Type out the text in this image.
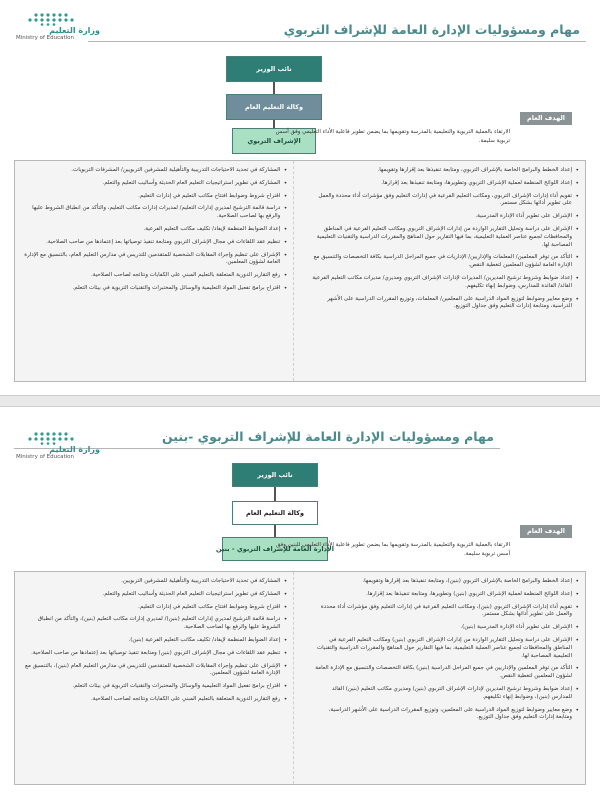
وزارة التعليم
Ministry of Education
مهام ومسؤوليات الإدارة العامة للإشراف التربوي
نائب الوزير
وكالة التعليم العام
الإشراف التربوي
الهدف العام
الارتقاء بالعملية التربوية والتعليمية بالمدرسة وتقويمها بما يضمن تطوير فاعلية الأداء التعليمي وفق أسس تربوية سليمة.
• إعداد الخطط والبرامج الخاصة بالإشراف التربوي، ومتابعة تنفيذها بعد إقرارها وتقويمها.
• إعداد اللوائح المنظمة لعملية الإشراف التربوي وتطويرها، ومتابعة تنفيذها بعد إقرارها.
• تقويم أداء إدارات الإشراف التربوي، ومكاتب التعليم الفرعية في إدارات التعليم وفق مؤشرات أداء محددة والعمل على تطوير أدائها بشكل مستمر.
• الإشراف على تطوير أداء الإدارة المدرسية.
• الإشراف على دراسة وتحليل التقارير الواردة من إدارات الإشراف التربوي ومكاتب التعليم الفرعية في المناطق والمحافظات لجميع عناصر العملية التعليمية، بما فيها التقارير حول المناهج والمقررات الدراسية والتقنيات التعليمية المصاحبة لها.
• التأكد من توفر المعلمين/ المعلمات والإداريين/ الإداريات في جميع المراحل الدراسية بكافة التخصصات والتنسيق مع الإدارة العامة لشؤون المعلمين لتغطية النقص.
• إعداد ضوابط وشروط ترشيح المديرين/ المديرات لإدارات الإشراف التربوي ومديري/ مديرات مكاتب التعليم الفرعية القائد/ القائدة للمدارس، وضوابط إنهاء تكليفهم.
• وضع معايير وضوابط لتوزيع المواد الدراسية على المعلمين/ المعلمات، وتوزيع المقررات الدراسية على الأشهر الدراسية، ومتابعة إدارات التعليم وفق جداول التوزيع.
• المشاركة في تحديد الاحتياجات التدريبية والتأهيلية للمشرفين التربويين/ المشرفات التربويات.
• المشاركة في تطوير استراتيجيات التعليم العام الحديثة وأساليب التعليم والتعلم.
• اقتراح شروط وضوابط افتتاح مكاتب التعليم في إدارات التعليم.
• دراسة قائمة الترشيح لمديري إدارات التعليم/ لمديرات إدارات مكاتب التعليم، والتأكد من انطباق الشروط عليها والرفع بها لصاحب الصلاحية.
• إعداد الضوابط المنظمة لإيفاد/ تكليف مكاتب التعليم الفرعية.
• تنظيم عقد اللقاءات في مجال الإشراف التربوي ومتابعة تنفيذ توصياتها بعد إعتمادها من صاحب الصلاحية.
• الإشراف على تنظيم وإجراء المقابلات الشخصية للمتقدمين للتدريس في مدارس التعليم العام، بالتنسيق مع الإدارة العامة لشؤون المعلمين.
• رفع التقارير الدورية المتعلقة بالتعليم المبني على الكفايات ونتائجه لصاحب الصلاحية.
• اقتراح برامج تفعيل المواد التعليمية والوسائل والمختبرات والتقنيات التربوية في بيئات التعلم.
مهام ومسؤوليات الإدارة العامة للإشراف التربوي -بنين
وزارة التعليم
Ministry of Education
نائب الوزير
وكالة التعليم العام
الإدارة العامة للإشراف التربوي - بنين
الهدف العام
الارتقاء بالعملية التربوية والتعليمية بالمدرسة وتقويمها بما يضمن تطوير فاعلية الأداء التعليمي للبنين وفق أسس تربوية سليمة.
• إعداد الخطط والبرامج الخاصة بالإشراف التربوي (بنين)، ومتابعة تنفيذها بعد إقرارها وتقويمها.
• إعداد اللوائح المنظمة لعملية الإشراف التربوي (بنين) وتطويرها، ومتابعة تنفيذها بعد إقرارها.
• تقويم أداء إدارات الإشراف التربوي (بنين)، ومكاتب التعليم الفرعية في إدارات التعليم وفق مؤشرات أداء محددة والعمل على تطوير أدائها بشكل مستمر.
• الإشراف على تطوير أداء الإدارة المدرسية (بنين).
• الإشراف على دراسة وتحليل التقارير الواردة من إدارات الإشراف التربوي (بنين) ومكاتب التعليم الفرعية في المناطق والمحافظات لجميع عناصر العملية التعليمية، بما فيها التقارير حول المناهج والمقررات الدراسية والتقنيات التعليمية المصاحبة لها.
• التأكد من توفر المعلمين والإداريين في جميع المراحل الدراسية (بنين) بكافة التخصصات والتنسيق مع الإدارة العامة لشؤون المعلمين لتغطية النقص.
• إعداد ضوابط وشروط ترشيح المديرين لإدارات الإشراف التربوي (بنين) ومديري مكاتب التعليم (بنين) القائد للمدارس (بنين)، وضوابط إنهاء تكليفهم.
• وضع معايير وضوابط لتوزيع المواد الدراسية على المعلمين، وتوزيع المقررات الدراسية على الأشهر الدراسية، ومتابعة إدارات التعليم وفق جداول التوزيع.
• المشاركة في تحديد الاحتياجات التدريبية والتأهيلية للمشرفين التربويين.
• المشاركة في تطوير استراتيجيات التعليم العام الحديثة وأساليب التعليم والتعلم.
• اقتراح شروط وضوابط افتتاح مكاتب التعليم في إدارات التعليم.
• دراسة قائمة الترشيح لمديري إدارات التعليم (بنين)/ لمديري إدارات مكاتب التعليم (بنين)، والتأكد من انطباق الشروط عليها والرفع بها لصاحب الصلاحية.
• إعداد الضوابط المنظمة لإيفاد/ تكليف مكاتب التعليم الفرعية (بنين).
• تنظيم عقد اللقاءات في مجال الإشراف التربوي (بنين) ومتابعة تنفيذ توصياتها بعد إعتمادها من صاحب الصلاحية.
• الإشراف على تنظيم وإجراء المقابلات الشخصية للمتقدمين للتدريس في مدارس التعليم العام (بنين)، بالتنسيق مع الإدارة العامة لشؤون المعلمين.
• اقتراح برامج تفعيل المواد التعليمية والوسائل والمختبرات والتقنيات التربوية في بيئات التعلم.
• رفع التقارير الدورية المتعلقة بالتعليم المبني على الكفايات ونتائجه لصاحب الصلاحية.
